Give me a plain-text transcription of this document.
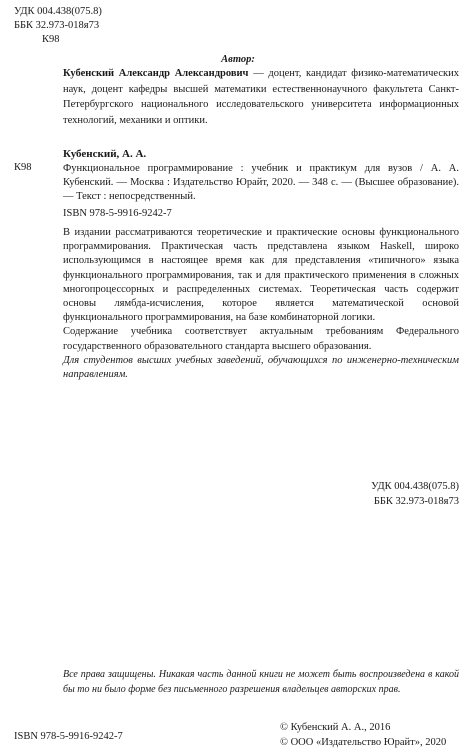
УДК 004.438(075.8)
ББК 32.973-018я73
К98
Автор:
Кубенский Александр Александрович — доцент, кандидат физико-математических наук, доцент кафедры высшей математики естественнонаучного факультета Санкт-Петербургского национального исследовательского университета информационных технологий, механики и оптики.
Кубенский, А. А.
К98	Функциональное программирование : учебник и практикум для вузов / А. А. Кубенский. — Москва : Издательство Юрайт, 2020. — 348 с. — (Высшее образование). — Текст : непосредственный.
ISBN 978-5-9916-9242-7

В издании рассматриваются теоретические и практические основы функционального программирования. Практическая часть представлена языком Haskell, широко использующимся в настоящее время как для представления «типичного» языка функционального программирования, так и для практического применения в сложных многопроцессорных и распределенных системах. Теоретическая часть содержит основы лямбда-исчисления, которое является математической основой функционального программирования, на базе комбинаторной логики.

Содержание учебника соответствует актуальным требованиям Федерального государственного образовательного стандарта высшего образования.

Для студентов высших учебных заведений, обучающихся по инженерно-техническим направлениям.

УДК 004.438(075.8)
ББК 32.973-018я73
Все права защищены. Никакая часть данной книги не может быть воспроизведена в какой бы то ни было форме без письменного разрешения владельцев авторских прав.
ISBN 978-5-9916-9242-7
© Кубенский А. А., 2016
© ООО «Издательство Юрайт», 2020
